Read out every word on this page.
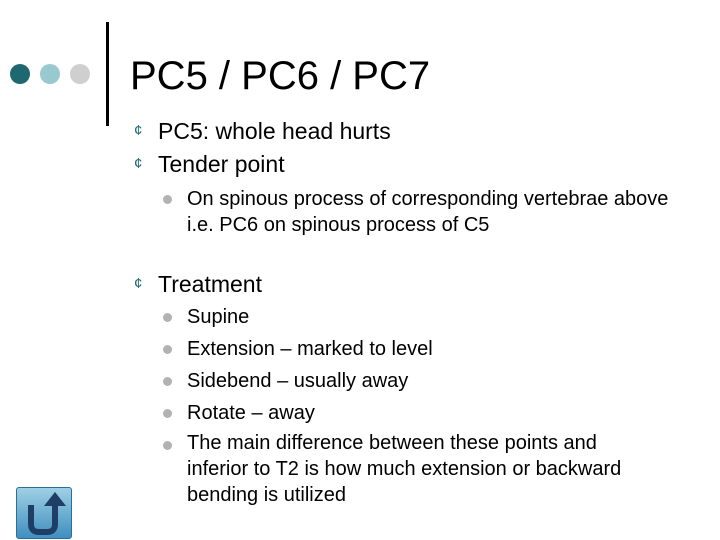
PC5 / PC6 / PC7
¢ PC5: whole head hurts
¢ Tender point
On spinous process of corresponding vertebrae above i.e. PC6 on spinous process of C5
¢ Treatment
Supine
Extension – marked to level
Sidebend – usually away
Rotate – away
The main difference between these points and inferior to T2 is how much extension or backward bending is utilized
